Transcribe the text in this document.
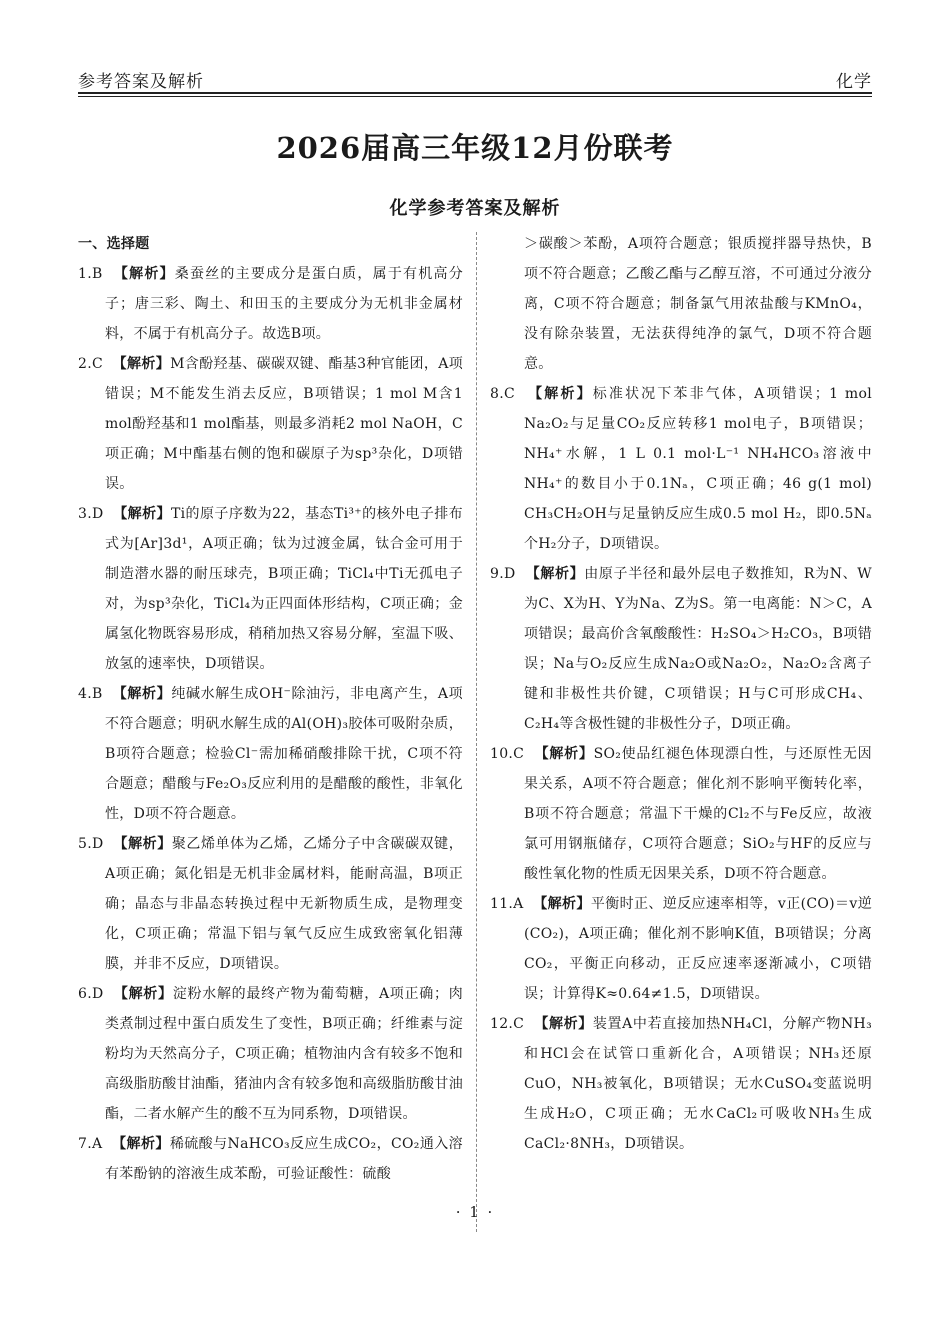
参考答案及解析	化学
2026届高三年级12月份联考
化学参考答案及解析
一、选择题

1.B 【解析】桑蚕丝的主要成分是蛋白质，属于有机高分子；唐三彩、陶土、和田玉的主要成分为无机非金属材料，不属于有机高分子。故选B项。

2.C 【解析】M含酚羟基、碳碳双键、酯基3种官能团，A项错误；M不能发生消去反应，B项错误；1 mol M含1 mol酚羟基和1 mol酯基，则最多消耗2 mol NaOH，C项正确；M中酯基右侧的饱和碳原子为sp³杂化，D项错误。

3.D 【解析】Ti的原子序数为22，基态Ti³⁺的核外电子排布式为[Ar]3d¹，A项正确；钛为过渡金属，钛合金可用于制造潜水器的耐压球壳，B项正确；TiCl₄中Ti无孤电子对，为sp³杂化，TiCl₄为正四面体形结构，C项正确；金属氢化物既容易形成，稍稍加热又容易分解，室温下吸、放氢的速率快，D项错误。

4.B 【解析】纯碱水解生成OH⁻除油污，非电离产生，A项不符合题意；明矾水解生成的Al(OH)₃胶体可吸附杂质，B项符合题意；检验Cl⁻需加稀硝酸排除干扰，C项不符合题意；醋酸与Fe₂O₃反应利用的是醋酸的酸性，非氧化性，D项不符合题意。

5.D 【解析】聚乙烯单体为乙烯，乙烯分子中含碳碳双键，A项正确；氮化铝是无机非金属材料，能耐高温，B项正确；晶态与非晶态转换过程中无新物质生成，是物理变化，C项正确；常温下铝与氧气反应生成致密氧化铝薄膜，并非不反应，D项错误。

6.D 【解析】淀粉水解的最终产物为葡萄糖，A项正确；肉类煮制过程中蛋白质发生了变性，B项正确；纤维素与淀粉均为天然高分子，C项正确；植物油内含有较多不饱和高级脂肪酸甘油酯，猪油内含有较多饱和高级脂肪酸甘油酯，二者水解产生的酸不互为同系物，D项错误。

7.A 【解析】稀硫酸与NaHCO₃反应生成CO₂，CO₂通入溶有苯酚钠的溶液生成苯酚，可验证酸性：硫酸

＞碳酸＞苯酚，A项符合题意；银质搅拌器导热快，B项不符合题意；乙酸乙酯与乙醇互溶，不可通过分液分离，C项不符合题意；制备氯气用浓盐酸与KMnO₄，没有除杂装置，无法获得纯净的氯气，D项不符合题意。

8.C 【解析】标准状况下苯非气体，A项错误；1 mol Na₂O₂与足量CO₂反应转移1 mol电子，B项错误；NH₄⁺水解，1 L 0.1 mol·L⁻¹ NH₄HCO₃溶液中NH₄⁺的数目小于0.1Nₐ，C项正确；46 g(1 mol) CH₃CH₂OH与足量钠反应生成0.5 mol H₂，即0.5Nₐ个H₂分子，D项错误。

9.D 【解析】由原子半径和最外层电子数推知，R为N、W为C、X为H、Y为Na、Z为S。第一电离能：N＞C，A项错误；最高价含氧酸酸性：H₂SO₄＞H₂CO₃，B项错误；Na与O₂反应生成Na₂O或Na₂O₂，Na₂O₂含离子键和非极性共价键，C项错误；H与C可形成CH₄、C₂H₄等含极性键的非极性分子，D项正确。

10.C 【解析】SO₂使品红褪色体现漂白性，与还原性无因果关系，A项不符合题意；催化剂不影响平衡转化率，B项不符合题意；常温下干燥的Cl₂不与Fe反应，故液氯可用钢瓶储存，C项符合题意；SiO₂与HF的反应与酸性氧化物的性质无因果关系，D项不符合题意。

11.A 【解析】平衡时正、逆反应速率相等，v正(CO)＝v逆(CO₂)，A项正确；催化剂不影响K值，B项错误；分离CO₂，平衡正向移动，正反应速率逐渐减小，C项错误；计算得K≈0.64≠1.5，D项错误。

12.C 【解析】装置A中若直接加热NH₄Cl，分解产物NH₃和HCl会在试管口重新化合，A项错误；NH₃还原CuO，NH₃被氧化，B项错误；无水CuSO₄变蓝说明生成H₂O，C项正确；无水CaCl₂可吸收NH₃生成CaCl₂·8NH₃，D项错误。

· 1 ·
